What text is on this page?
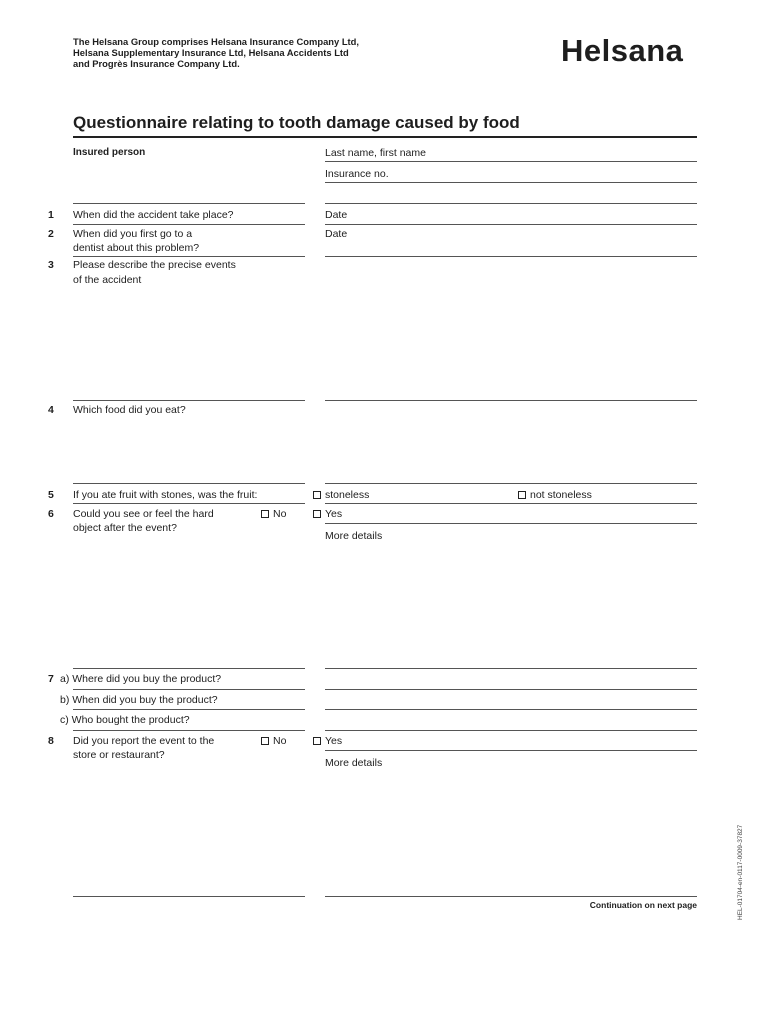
The Helsana Group comprises Helsana Insurance Company Ltd,
Helsana Supplementary Insurance Ltd, Helsana Accidents Ltd
and Progrès Insurance Company Ltd.	Helsana
Questionnaire relating to tooth damage caused by food
Insured person	Last name, first name
Insurance no.
1 When did the accident take place?	Date
2 When did you first go to a
dentist about this problem?
Date
3 Please describe the precise events
of the accident
4 Which food did you eat?
5 If you ate fruit with stones, was the fruit:	stoneless	not stoneless
6 Could you see or feel the hard
object after the event?
No	Yes
More details
7 a) Where did you buy the product?
b) When did you buy the product?
c) Who bought the product?
8 Did you report the event to the
store or restaurant?
No	Yes
More details
Continuation on next page	HEL-01704-en-0117-0009-37827
